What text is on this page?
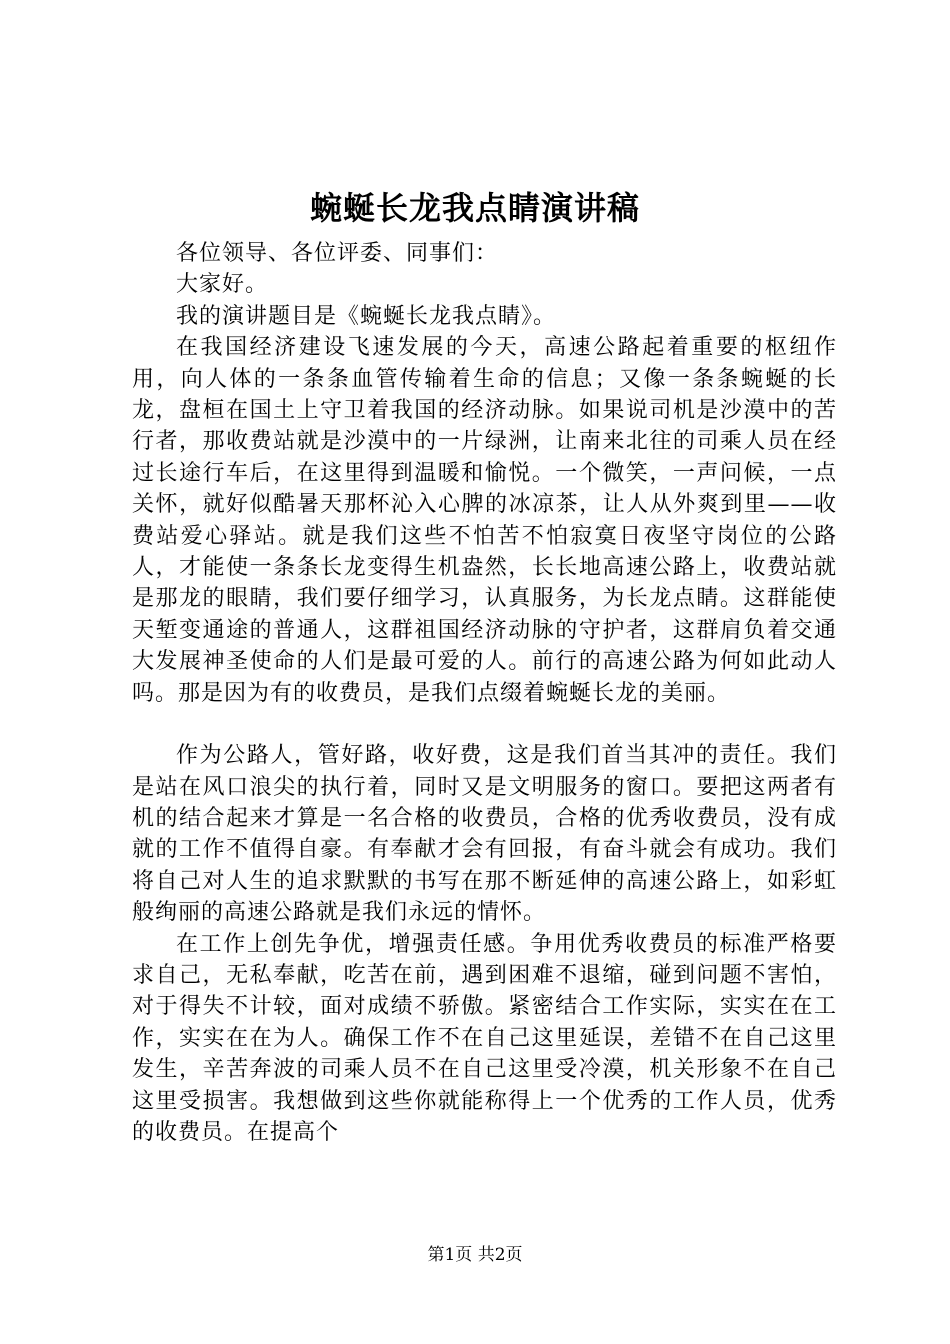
蜿蜒长龙我点睛演讲稿

各位领导、各位评委、同事们：

大家好。

我的演讲题目是《蜿蜒长龙我点睛》。

在我国经济建设飞速发展的今天，高速公路起着重要的枢纽作用，向人体的一条条血管传输着生命的信息；又像一条条蜿蜒的长龙，盘桓在国土上守卫着我国的经济动脉。如果说司机是沙漠中的苦行者，那收费站就是沙漠中的一片绿洲，让南来北往的司乘人员在经过长途行车后，在这里得到温暖和愉悦。一个微笑，一声问候，一点关怀，就好似酷暑天那杯沁入心脾的冰凉茶，让人从外爽到里——收费站爱心驿站。就是我们这些不怕苦不怕寂寞日夜坚守岗位的公路人，才能使一条条长龙变得生机盎然，长长地高速公路上，收费站就是那龙的眼睛，我们要仔细学习，认真服务，为长龙点睛。这群能使天堑变通途的普通人，这群祖国经济动脉的守护者，这群肩负着交通大发展神圣使命的人们是最可爱的人。前行的高速公路为何如此动人吗。那是因为有的收费员，是我们点缀着蜿蜒长龙的美丽。

作为公路人，管好路，收好费，这是我们首当其冲的责任。我们是站在风口浪尖的执行着，同时又是文明服务的窗口。要把这两者有机的结合起来才算是一名合格的收费员，合格的优秀收费员，没有成就的工作不值得自豪。有奉献才会有回报，有奋斗就会有成功。我们将自己对人生的追求默默的书写在那不断延伸的高速公路上，如彩虹般绚丽的高速公路就是我们永远的情怀。

在工作上创先争优，增强责任感。争用优秀收费员的标准严格要求自己，无私奉献，吃苦在前，遇到困难不退缩，碰到问题不害怕，对于得失不计较，面对成绩不骄傲。紧密结合工作实际，实实在在工作，实实在在为人。确保工作不在自己这里延误，差错不在自己这里发生，辛苦奔波的司乘人员不在自己这里受冷漠，机关形象不在自己这里受损害。我想做到这些你就能称得上一个优秀的工作人员，优秀的收费员。在提高个

第1页 共2页
